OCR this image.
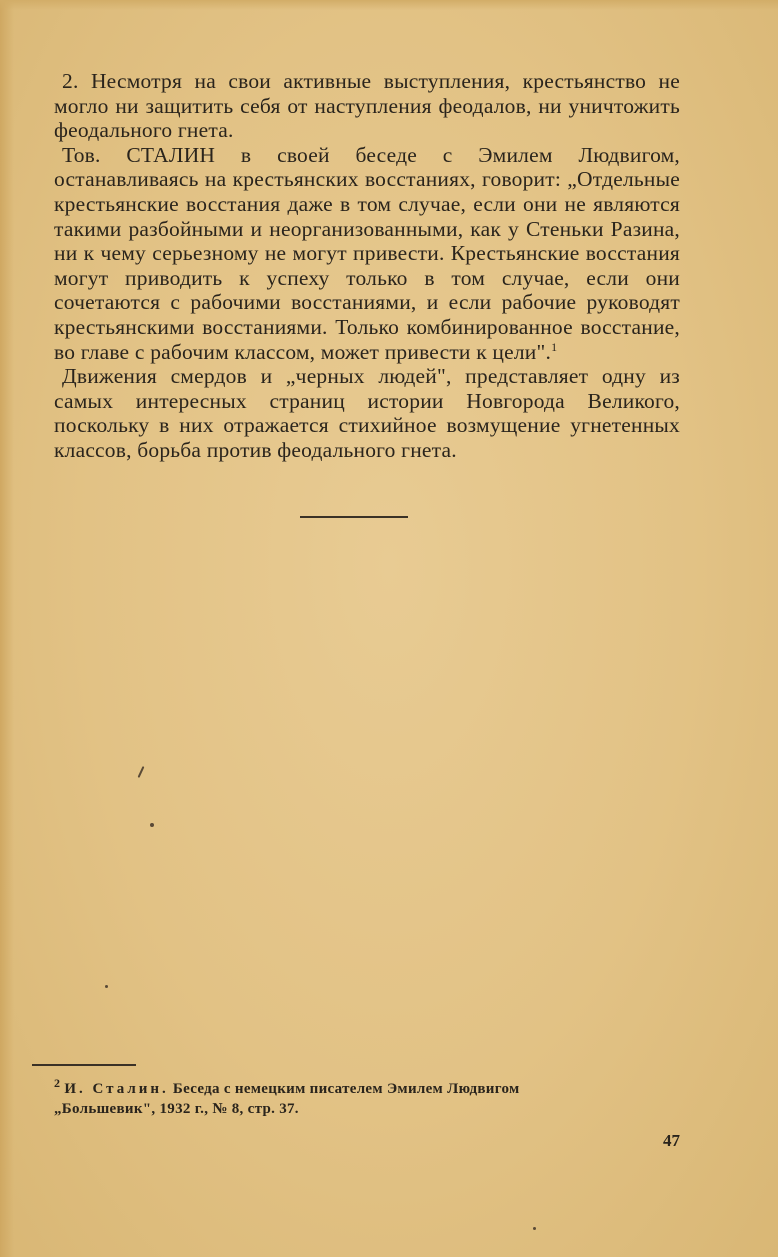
2. Несмотря на свои активные выступления, крестьянство не могло ни защитить себя от наступления феодалов, ни уничтожить феодального гнета.

Тов. СТАЛИН в своей беседе с Эмилем Людвигом, останавливаясь на крестьянских восстаниях, говорит: „Отдельные крестьянские восстания даже в том случае, если они не являются такими разбойными и неорганизованными, как у Стеньки Разина, ни к чему серьезному не могут привести. Крестьянские восстания могут приводить к успеху только в том случае, если они сочетаются с рабочими восстаниями, и если рабочие руководят крестьянскими восстаниями. Только комбинированное восстание, во главе с рабочим классом, может привести к цели".$^1$

Движения смердов и „черных людей", представляет одну из самых интересных страниц истории Новгорода Великого, поскольку в них отражается стихийное возмущение угнетенных классов, борьба против феодального гнета.

$^2$ И. Сталин. Беседа с немецким писателем Эмилем Людвигом
„Большевик", 1932 г., № 8, стр. 37.
47
